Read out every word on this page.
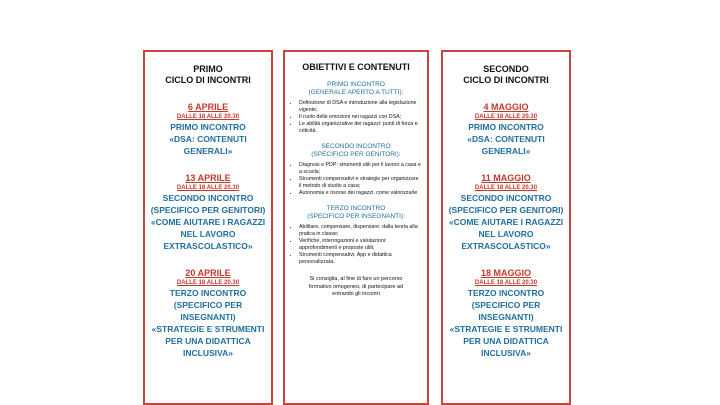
PRIMO
CICLO DI INCONTRI
6 APRILE
DALLE 18 ALLE 20.30
PRIMO INCONTRO
«DSA: CONTENUTI
GENERALI»
13 APRILE
DALLE 18 ALLE 20.30
SECONDO INCONTRO
(SPECIFICO PER GENITORI)
«COME AIUTARE I RAGAZZI
NEL LAVORO
EXTRASCOLASTICO»
20 APRILE
DALLE 18 ALLE 20.30
TERZO INCONTRO
(SPECIFICO PER INSEGNANTI)
«STRATEGIE E STRUMENTI
PER UNA DIDATTICA
INCLUSIVA»
OBIETTIVI E CONTENUTI
PRIMO INCONTRO
(GENERALE APERTO A TUTTI):
• Definizione di DSA e introduzione alla legislazione vigente;
• Il ruolo delle emozioni nei ragazzi con DSA;
• Le abilità organizzative dei ragazzi: punti di forza e criticità.
SECONDO INCONTRO
(SPECIFICO PER GENITORI):
• Diagnosi e PDP: strumenti utili per il lavoro a casa e a scuola;
• Strumenti compensativi e strategie per organizzare il metodo di studio a casa;
• Autonomia e risorse dei ragazzi, come valorizzarle
TERZO INCONTRO
(SPECIFICO PER INSEGNANTI):
• Abilitare, compensare, dispensare: dalla teoria alla pratica in classe;
• Verifiche, interrogazioni e valutazioni: approfondimenti e proposte utili;
• Strumenti compensativi, App e didattica personalizzata.
Si consiglia, al fine di fare un percorso
formativo omogeneo, di partecipare ad
entrambi gli incontri
SECONDO
CICLO DI INCONTRI
4 MAGGIO
DALLE 18 ALLE 20.30
PRIMO INCONTRO
«DSA: CONTENUTI
GENERALI»
11 MAGGIO
DALLE 18 ALLE 20.30
SECONDO INCONTRO
(SPECIFICO PER GENITORI)
«COME AIUTARE I RAGAZZI
NEL LAVORO
EXTRASCOLASTICO»
18 MAGGIO
DALLE 18 ALLE 20.30
TERZO INCONTRO
(SPECIFICO PER INSEGNANTI)
«STRATEGIE E STRUMENTI
PER UNA DIDATTICA
INCLUSIVA»
